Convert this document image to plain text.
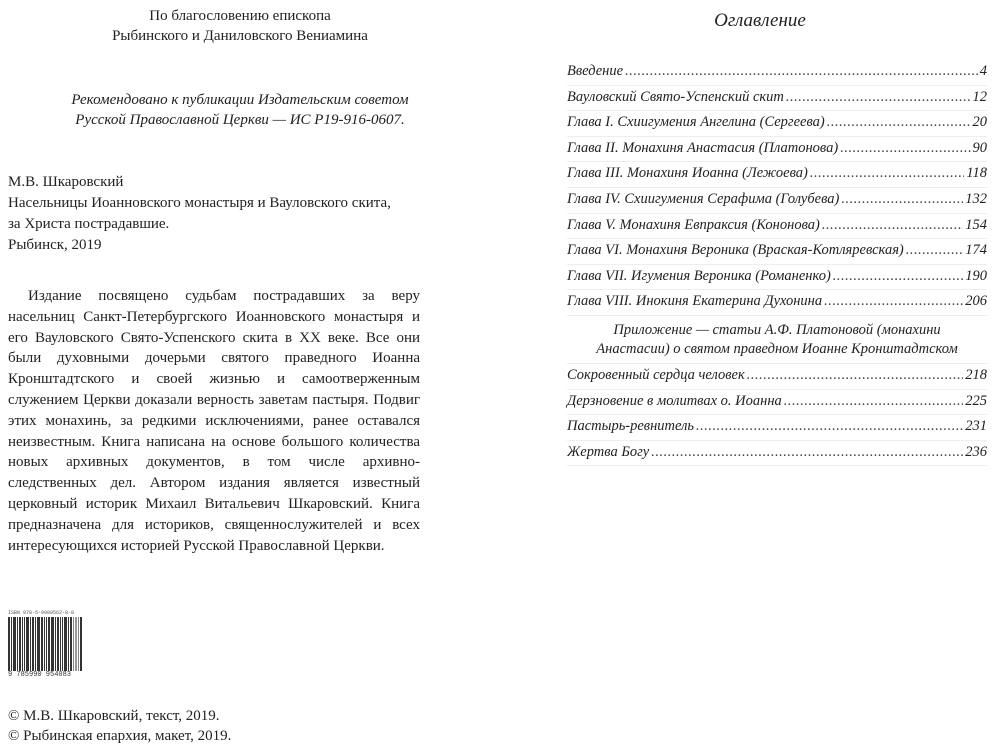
По благословению епископа
Рыбинского и Даниловского Вениамина
Рекомендовано к публикации Издательским советом
Русской Православной Церкви — ИС Р19-916-0607.
М.В. Шкаровский
Насельницы Иоанновского монастыря и Вауловского скита,
за Христа пострадавшие.
Рыбинск, 2019

Издание посвящено судьбам пострадавших за веру насельниц Санкт-Петербургского Иоанновского монастыря и его Вауловского Свято-Успенского скита в XX веке. Все они были духовными дочерьми святого праведного Иоанна Кронштадтского и своей жизнью и самоотверженным служением Церкви доказали верность заветам пастыря. Подвиг этих монахинь, за редкими исключениями, ранее оставался неизвестным. Книга написана на основе большого количества новых архивных документов, в том числе архивно-следственных дел. Автором издания является известный церковный историк Михаил Витальевич Шкаровский. Книга предназначена для историков, священнослужителей и всех интересующихся историей Русской Православной Церкви.

ISBN 978-5-9909562-8-8
9 785990 954083
© М.В. Шкаровский, текст, 2019.
© Рыбинская епархия, макет, 2019.
Оглавление
Введение .....	4
Вауловский Свято-Успенский скит .....	12
Глава I. Схиигумения Ангелина (Сергеева) .....	20
Глава II. Монахиня Анастасия (Платонова) .....	90
Глава III. Монахиня Иоанна (Лежоева) .....	118
Глава IV. Схиигумения Серафима (Голубева) .....	132
Глава V. Монахиня Евпраксия (Кононова) .....	154
Глава VI. Монахиня Вероника (Враская-Котляревская) .....	174
Глава VII. Игумения Вероника (Романенко) .....	190
Глава VIII. Инокиня Екатерина Духонина .....	206
Приложение — статьи А.Ф. Платоновой (монахини
Анастасии) о святом праведном Иоанне Кронштадтском
Сокровенный сердца человек .....	218
Дерзновение в молитвах о. Иоанна .....	225
Пастырь-ревнитель .....	231
Жертва Богу .....	236
